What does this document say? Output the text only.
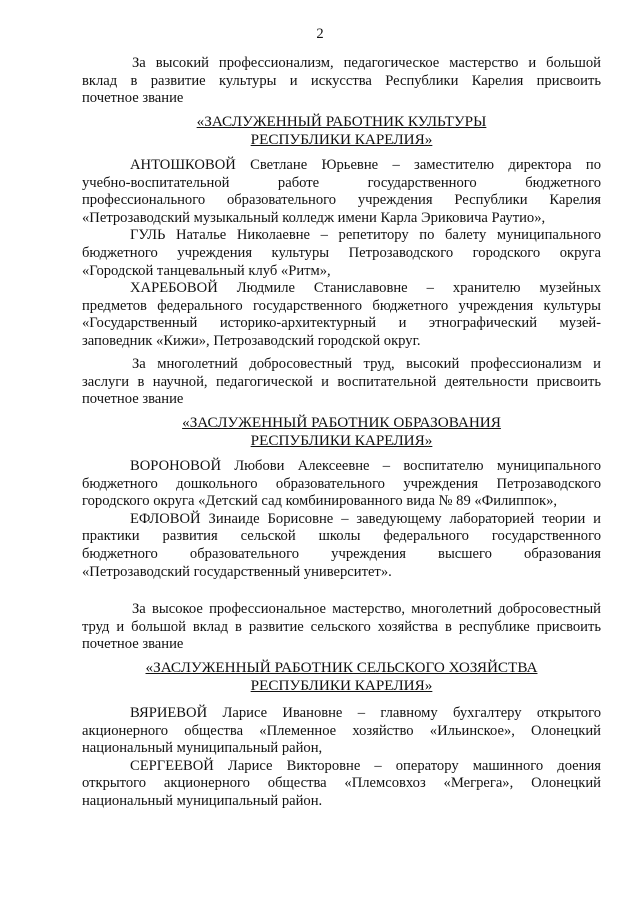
2

За высокий профессионализм, педагогическое мастерство и большой

вклад в развитие культуры и искусства Республики Карелия присвоить

почетное звание

«ЗАСЛУЖЕННЫЙ РАБОТНИК КУЛЬТУРЫ
РЕСПУБЛИКИ КАРЕЛИЯ»

АНТОШКОВОЙ Светлане Юрьевне – заместителю директора по

учебно-воспитательной работе государственного бюджетного

профессионального образовательного учреждения Республики Карелия

«Петрозаводский музыкальный колледж имени Карла Эриковича Раутио»,

ГУЛЬ Наталье Николаевне – репетитору по балету муниципального

бюджетного учреждения культуры Петрозаводского городского округа

«Городской танцевальный клуб «Ритм»,

ХАРЕБОВОЙ Людмиле Станиславовне – хранителю музейных

предметов федерального государственного бюджетного учреждения культуры

«Государственный историко-архитектурный и этнографический музей-

заповедник «Кижи», Петрозаводский городской округ.

За многолетний добросовестный труд, высокий профессионализм и

заслуги в научной, педагогической и воспитательной деятельности присвоить

почетное звание

«ЗАСЛУЖЕННЫЙ РАБОТНИК ОБРАЗОВАНИЯ
РЕСПУБЛИКИ КАРЕЛИЯ»

ВОРОНОВОЙ Любови Алексеевне – воспитателю муниципального

бюджетного дошкольного образовательного учреждения Петрозаводского

городского округа «Детский сад комбинированного вида № 89 «Филиппок»,

ЕФЛОВОЙ Зинаиде Борисовне – заведующему лабораторией теории и

практики развития сельской школы федерального государственного

бюджетного образовательного учреждения высшего образования

«Петрозаводский государственный университет».

За высокое профессиональное мастерство, многолетний добросовестный

труд и большой вклад в развитие сельского хозяйства в республике присвоить

почетное звание

«ЗАСЛУЖЕННЫЙ РАБОТНИК СЕЛЬСКОГО ХОЗЯЙСТВА
РЕСПУБЛИКИ КАРЕЛИЯ»

ВЯРИЕВОЙ Ларисе Ивановне – главному бухгалтеру открытого

акционерного общества «Племенное хозяйство «Ильинское», Олонецкий

национальный муниципальный район,

СЕРГЕЕВОЙ Ларисе Викторовне – оператору машинного доения

открытого акционерного общества «Племсовхоз «Мегрега», Олонецкий

национальный муниципальный район.
